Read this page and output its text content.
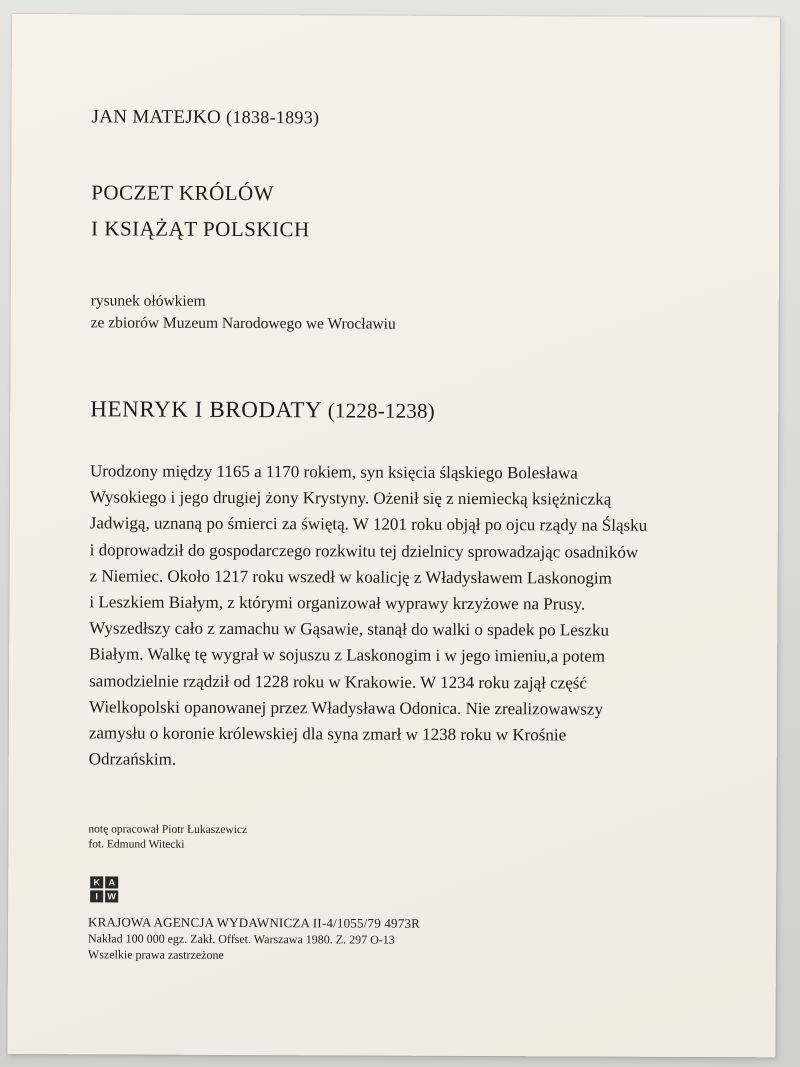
JAN MATEJKO (1838-1893)
POCZET KRÓLÓW
I KSIĄŻĄT POLSKICH
rysunek ołówkiem
ze zbiorów Muzeum Narodowego we Wrocławiu
HENRYK I BRODATY (1228-1238)
Urodzony między 1165 a 1170 rokiem, syn księcia śląskiego Bolesława
Wysokiego i jego drugiej żony Krystyny. Ożenił się z niemiecką księżniczką
Jadwigą, uznaną po śmierci za świętą. W 1201 roku objął po ojcu rządy na Śląsku
i doprowadził do gospodarczego rozkwitu tej dzielnicy sprowadzając osadników
z Niemiec. Około 1217 roku wszedł w koalicję z Władysławem Laskonogim
i Leszkiem Białym, z którymi organizował wyprawy krzyżowe na Prusy.
Wyszedłszy cało z zamachu w Gąsawie, stanął do walki o spadek po Leszku
Białym. Walkę tę wygrał w sojuszu z Laskonogim i w jego imieniu,a potem
samodzielnie rządził od 1228 roku w Krakowie. W 1234 roku zajął część
Wielkopolski opanowanej przez Władysława Odonica. Nie zrealizowawszy
zamysłu o koronie królewskiej dla syna zmarł w 1238 roku w Krośnie
Odrzańskim.
notę opracował Piotr Łukaszewicz
fot. Edmund Witecki
K A
I	W
KRAJOWA AGENCJA WYDAWNICZA II-4/1055/79 4973R
Nakład 100 000 egz. Zakł. Offset. Warszawa 1980. Z. 297 O-13
Wszelkie prawa zastrzeżone
